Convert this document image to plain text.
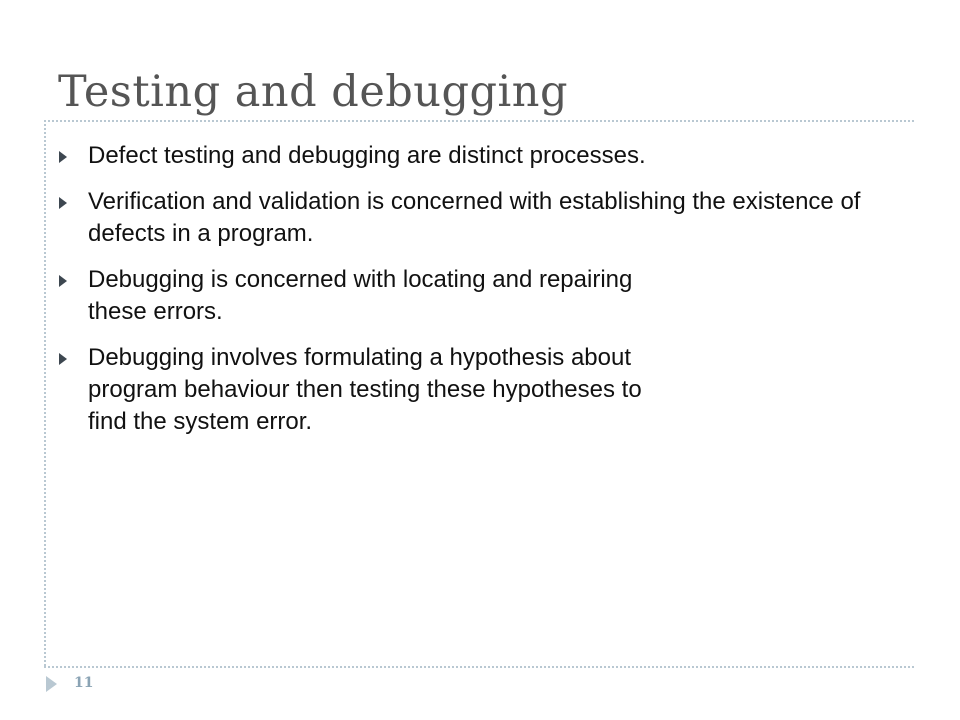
Testing and debugging
Defect testing and debugging are distinct processes.
Verification and validation is concerned with establishing the existence of defects in a program.
Debugging is concerned with locating and repairing these errors.
Debugging involves formulating a hypothesis about program behaviour then testing these hypotheses to find the system error.
11
